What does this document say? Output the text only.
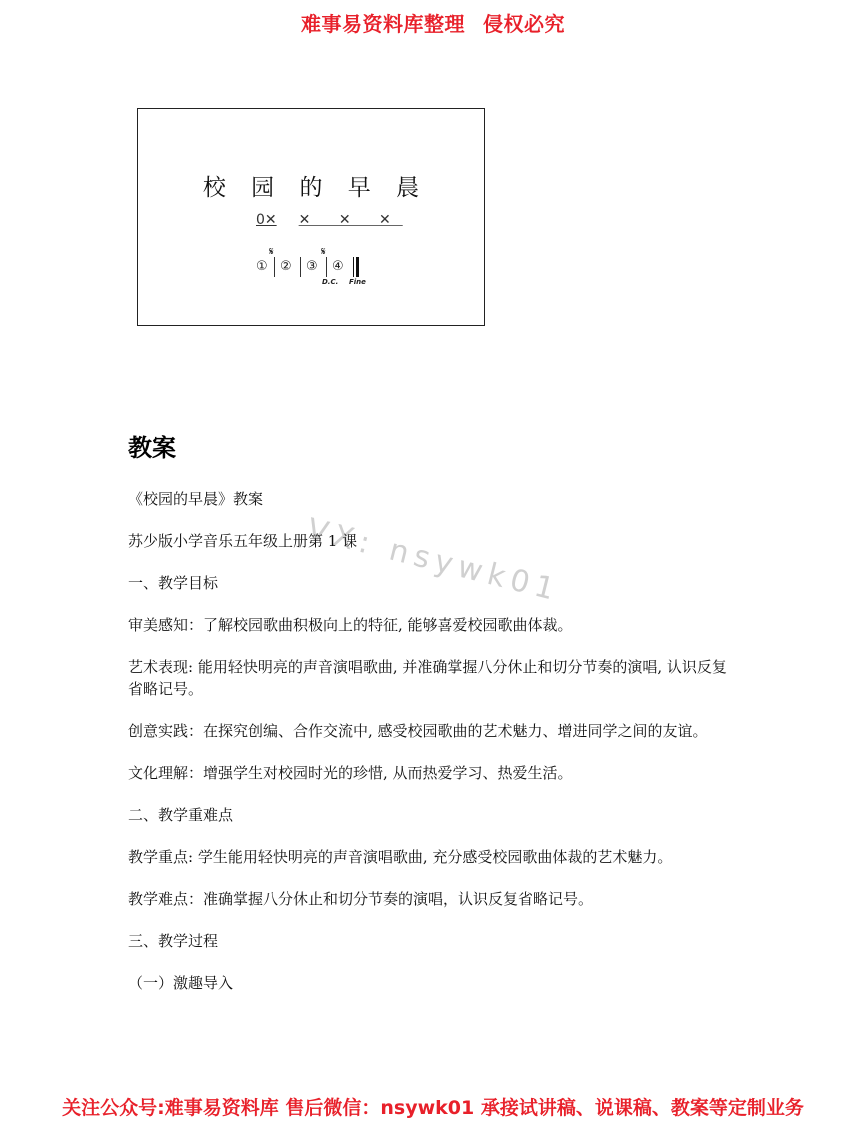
难事易资料库整理 侵权必究
校 园 的 早 晨
0✕ ✕ ✕ ✕
①
𝄋
② ③
𝄋
④
D.C. Fine
VX: nsywk01
教案

《校园的早晨》教案

苏少版小学音乐五年级上册第 1 课

一、教学目标

审美感知：了解校园歌曲积极向上的特征, 能够喜爱校园歌曲体裁。

艺术表现: 能用轻快明亮的声音演唱歌曲, 并准确掌握八分休止和切分节奏的演唱, 认识反复省略记号。

创意实践：在探究创编、合作交流中, 感受校园歌曲的艺术魅力、增进同学之间的友谊。

文化理解：增强学生对校园时光的珍惜, 从而热爱学习、热爱生活。

二、教学重难点

教学重点: 学生能用轻快明亮的声音演唱歌曲, 充分感受校园歌曲体裁的艺术魅力。

教学难点：准确掌握八分休止和切分节奏的演唱，认识反复省略记号。

三、教学过程

（一）激趣导入

关注公众号:难事易资料库 售后微信：nsywk01 承接试讲稿、说课稿、教案等定制业务
